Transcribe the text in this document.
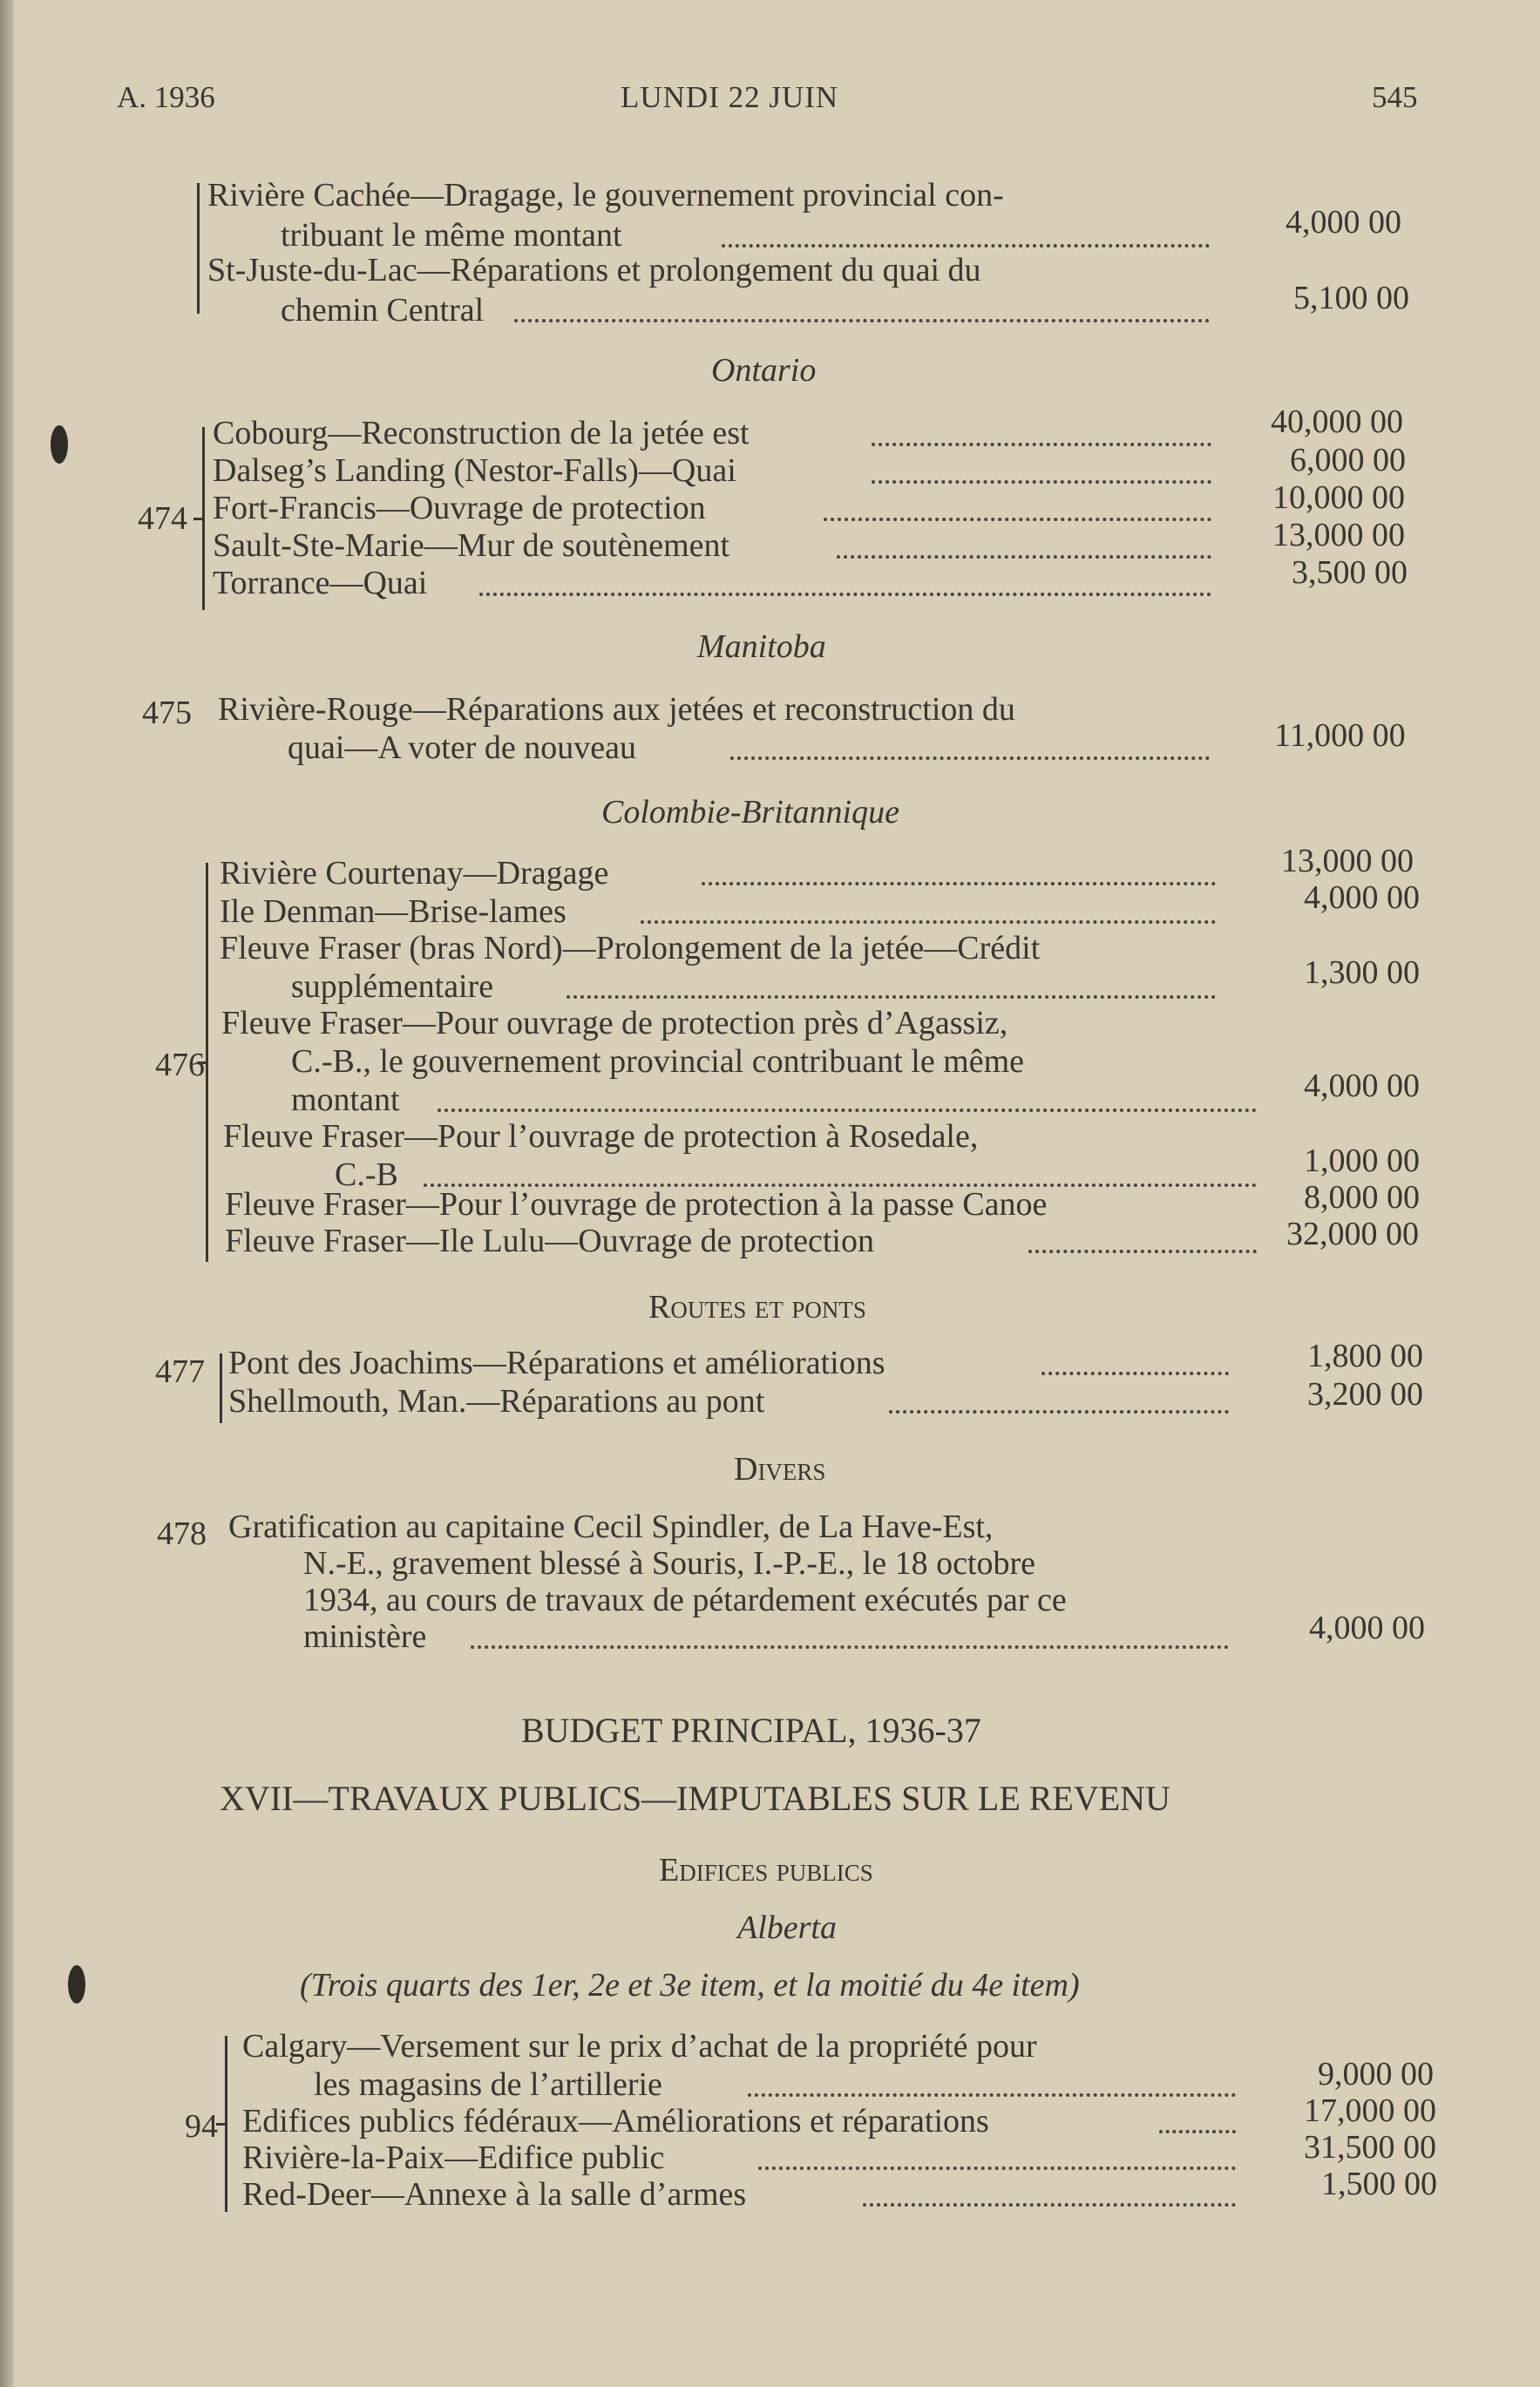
A. 1936	LUNDI 22 JUIN	545
Rivière Cachée—Dragage, le gouvernement provincial con-
tribuant le même montant	4,000 00
St-Juste-du-Lac—Réparations et prolongement du quai du
chemin Central	5,100 00
Ontario
474
Cobourg—Reconstruction de la jetée est	40,000 00
Dalseg’s Landing (Nestor-Falls)—Quai	6,000 00
Fort-Francis—Ouvrage de protection	10,000 00
Sault-Ste-Marie—Mur de soutènement	13,000 00
Torrance—Quai	3,500 00
Manitoba
475 Rivière-Rouge—Réparations aux jetées et reconstruction du
quai—A voter de nouveau	11,000 00
Colombie-Britannique
476
Rivière Courtenay—Dragage	13,000 00
Ile Denman—Brise-lames	4,000 00
Fleuve Fraser (bras Nord)—Prolongement de la jetée—Crédit
supplémentaire	1,300 00
Fleuve Fraser—Pour ouvrage de protection près d’Agassiz,
C.-B., le gouvernement provincial contribuant le même
montant	4,000 00
Fleuve Fraser—Pour l’ouvrage de protection à Rosedale,
C.-B	1,000 00
Fleuve Fraser—Pour l’ouvrage de protection à la passe Canoe	8,000 00
Fleuve Fraser—Ile Lulu—Ouvrage de protection	32,000 00
Routes et ponts
477 Pont des Joachims—Réparations et améliorations	1,800 00
Shellmouth, Man.—Réparations au pont	3,200 00
Divers
478 Gratification au capitaine Cecil Spindler, de La Have-Est,
N.-E., gravement blessé à Souris, I.-P.-E., le 18 octobre
1934, au cours de travaux de pétardement exécutés par ce
ministère	4,000 00
BUDGET PRINCIPAL, 1936-37
XVII—TRAVAUX PUBLICS—IMPUTABLES SUR LE REVENU
Edifices publics
Alberta
(Trois quarts des 1er, 2e et 3e item, et la moitié du 4e item)
94
Calgary—Versement sur le prix d’achat de la propriété pour
les magasins de l’artillerie	9,000 00
Edifices publics fédéraux—Améliorations et réparations	17,000 00
Rivière-la-Paix—Edifice public	31,500 00
Red-Deer—Annexe à la salle d’armes	1,500 00
